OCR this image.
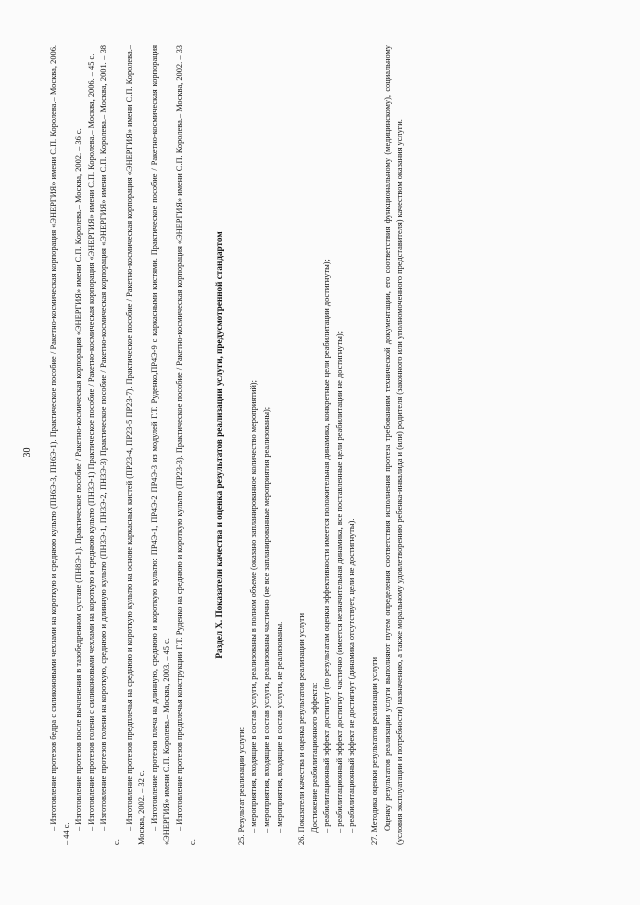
30 – Изготовление протезов бедра с силиконовыми чехлами на короткую и среднюю культю (ПН6Э-3, ПН6Э-1). Практическое пособие / Ракетно-космическая корпорация «ЭНЕРГИЯ» имени С.П. Королева.– Москва, 2006. – 44 с.

– Изготовление протезов после вычленения в тазобедренном суставе (ПН8Э-1). Практическое пособие / Ракетно-космическая корпорация «ЭНЕРГИЯ» имени С.П. Королева.– Москва, 2002. – 36 с. – Изготовление протезов голени с силиконовыми чехлами на короткую и среднюю культю (ПН3Э-1) Практическое пособие / Ракетно-космическая корпорация «ЭНЕРГИЯ» имени С.П. Королева.– Москва, 2006. – 45 с. – Изготовление протезов голени на короткую, среднюю и длинную культю (ПН3Э-1, ПН3Э-2, ПН3Э-3) Практическое пособие / Ракетно-космическая корпорация «ЭНЕРГИЯ» имени С.П. Королева.– Москва, 2001. – 38 с.

– Изготовление протезов предплечья на среднюю и короткую культю на основе каркасных кистей (ПР23-4, ПР23-5 ПР23-7). Практическое пособие / Ракетно-космическая корпорация «ЭНЕРГИЯ» имени С.П. Королева.– Москва, 2002. – 32 с. – Изготовление протезов плеча на длинную, среднюю и короткую культю: ПР4Э-1, ПР4Э-2 ПР4Э-3 из модулей Г.Т. Руденко,ПР4Э-9 с каркасными кистями. Практическое пособие / Ракетно-космическая корпорация «ЭНЕРГИЯ» имени С.П. Королева.– Москва, 2003. – 45 с. – Изготовление протезов предплечья конструкции Г.Т. Руденко на среднюю и короткую культю (ПР23-3). Практическое пособие / Ракетно-космическая корпорация «ЭНЕРГИЯ» имени С.П. Королева.– Москва, 2002. – 33 с.

Раздел Х. Показатели качества и оценка результатов реализации услуги, предусмотренной стандартом

25. Результат реализации услуги: – мероприятия, входящие в состав услуги, реализованы в полном объеме (оказано запланированное количество мероприятий); – мероприятия, входящие в состав услуги, реализованы частично (не все запланированные мероприятия реализованы); – мероприятия, входящие в состав услуги, не реализованы.	26. Показатели качества и оценка результатов реализации услуги Достижение реабилитационного эффекта: – реабилитационный эффект достигнут (по результатам оценки эффективности имеется положительная динамика, конкретные цели реабилитации достигнуты); – реабилитационный эффект достигнут частично (имеется незначительная динамика, все поставленные цели реабилитации не достигнуты); – реабилитационный эффект не достигнут (динамика отсутствует, цели не достигнуты).	27. Методика оценки результатов реализации услуги Оценку результатов реализации услуги выполняют путем определения соответствия исполнения протеза требованиям технической документации, его соответствия функциональному (медицинскому), социальному (условия эксплуатации и потребности) назначению, а также моральному удовлетворению ребенка-инвалида и (или) родителя (законного или уполномоченного представителя) качеством оказания услуги.
